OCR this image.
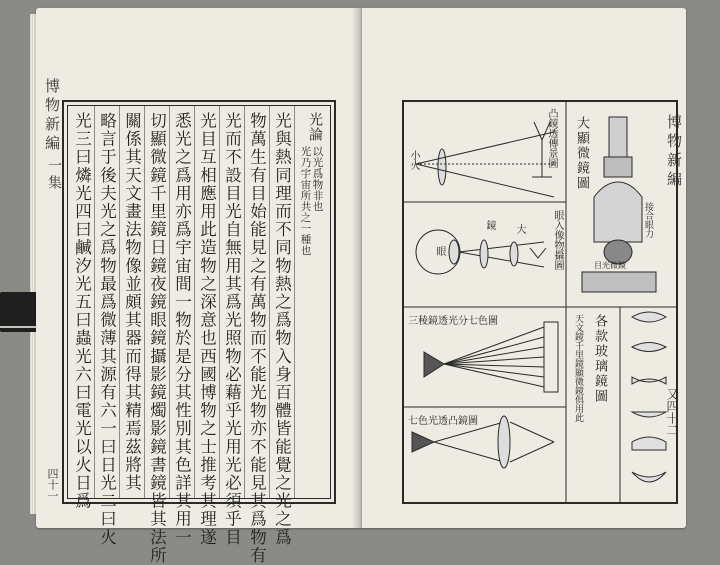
博物新編
一集
四十一
光論
以光爲物非也
光乃宇宙所共之一種也
光與熱同理而不同物熱之爲物入身百體皆能覺之光之爲
物萬生有目始能見之有萬物而不能光物亦不能見其爲物有
光而不設目光自無用其爲光照物必藉乎光用光必須乎目
光目互相應用此造物之深意也西國博物之士推考其理遂
悉光之爲用亦爲宇宙間一物於是分其性別其色詳其用一
切顯微鏡千里鏡日鏡夜鏡眼鏡攝影鏡燭影鏡書鏡皆其法所
關係其天文畫法物像並頗其器而得其精焉茲將其
略言于後夫光之爲物最爲微薄其源有六一曰日光二曰火
光三曰燐光四曰鹹汐光五曰蟲光六曰電光以火日爲	博物新編
又四十二
凸鏡透傳景圖
小火
眼入像物攝圖
眼
鏡 大
三稜鏡透光分七色圖
七色光透凸鏡圖
大顯微鏡圖
接合眼力
目光微鏡
各款玻璃鏡圖
天文鏡千里鏡顯微鏡俱用此
